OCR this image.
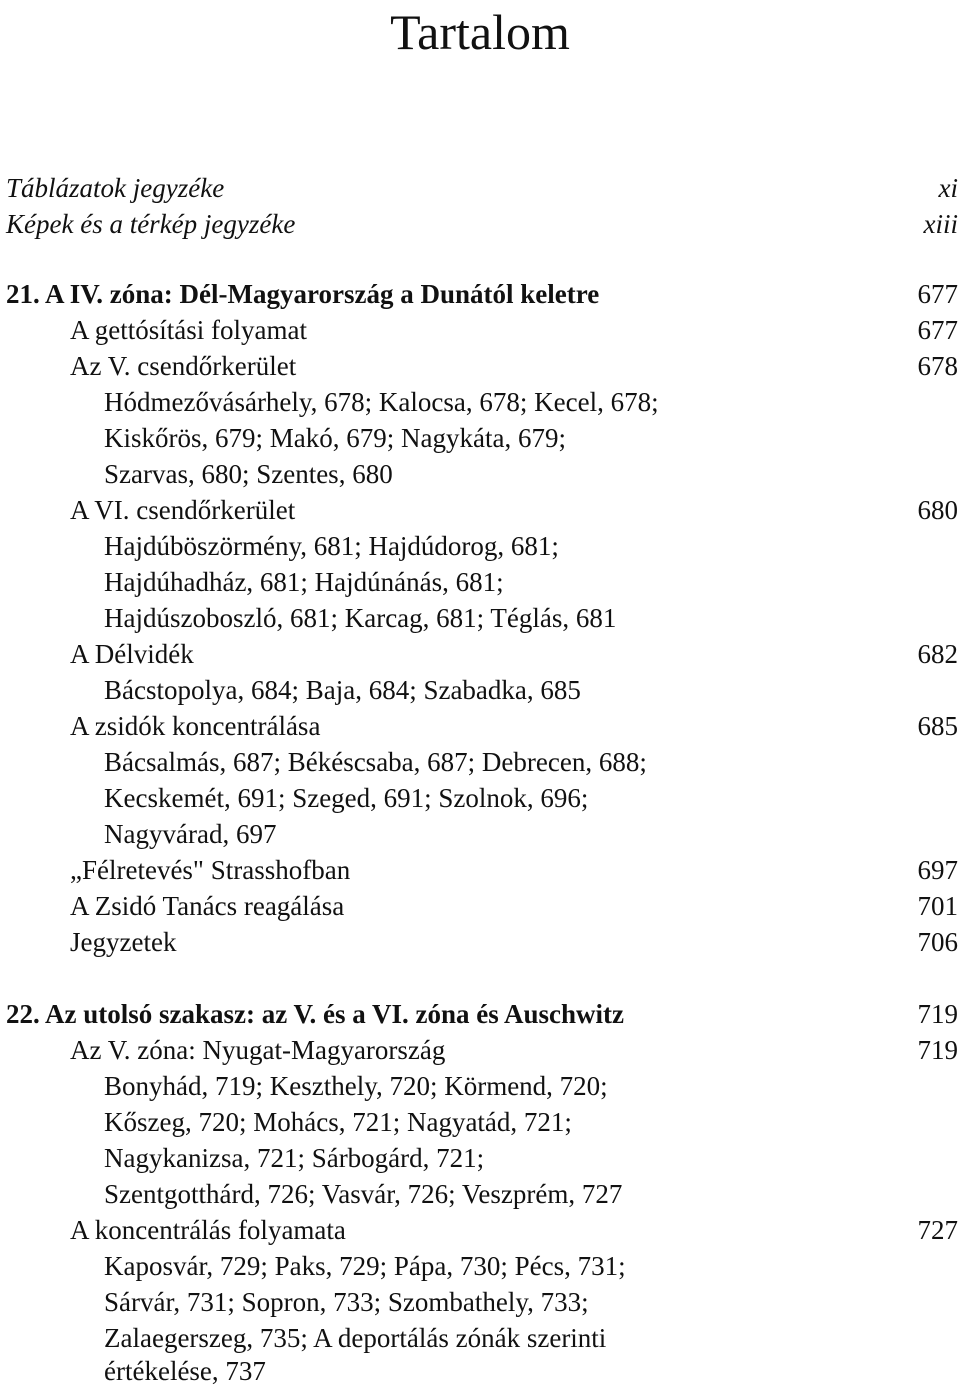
Tartalom
Táblázatok jegyzéke	xi
Képek és a térkép jegyzéke	xiii
21. A IV. zóna: Dél-Magyarország a Dunától keletre	677
A gettósítási folyamat	677
Az V. csendőrkerület	678
Hódmezővásárhely, 678; Kalocsa, 678; Kecel, 678;
Kiskőrös, 679; Makó, 679; Nagykáta, 679;
Szarvas, 680; Szentes, 680
A VI. csendőrkerület	680
Hajdúböszörmény, 681; Hajdúdorog, 681;
Hajdúhadház, 681; Hajdúnánás, 681;
Hajdúszoboszló, 681; Karcag, 681; Téglás, 681
A Délvidék	682
Bácstopolya, 684; Baja, 684; Szabadka, 685
A zsidók koncentrálása	685
Bácsalmás, 687; Békéscsaba, 687; Debrecen, 688;
Kecskemét, 691; Szeged, 691; Szolnok, 696;
Nagyvárad, 697
„Félretevés" Strasshofban	697
A Zsidó Tanács reagálása	701
Jegyzetek	706
22. Az utolsó szakasz: az V. és a VI. zóna és Auschwitz	719
Az V. zóna: Nyugat-Magyarország	719
Bonyhád, 719; Keszthely, 720; Körmend, 720;
Kőszeg, 720; Mohács, 721; Nagyatád, 721;
Nagykanizsa, 721; Sárbogárd, 721;
Szentgotthárd, 726; Vasvár, 726; Veszprém, 727
A koncentrálás folyamata	727
Kaposvár, 729; Paks, 729; Pápa, 730; Pécs, 731;
Sárvár, 731; Sopron, 733; Szombathely, 733;
Zalaegerszeg, 735; A deportálás zónák szerinti
értékelése, 737
